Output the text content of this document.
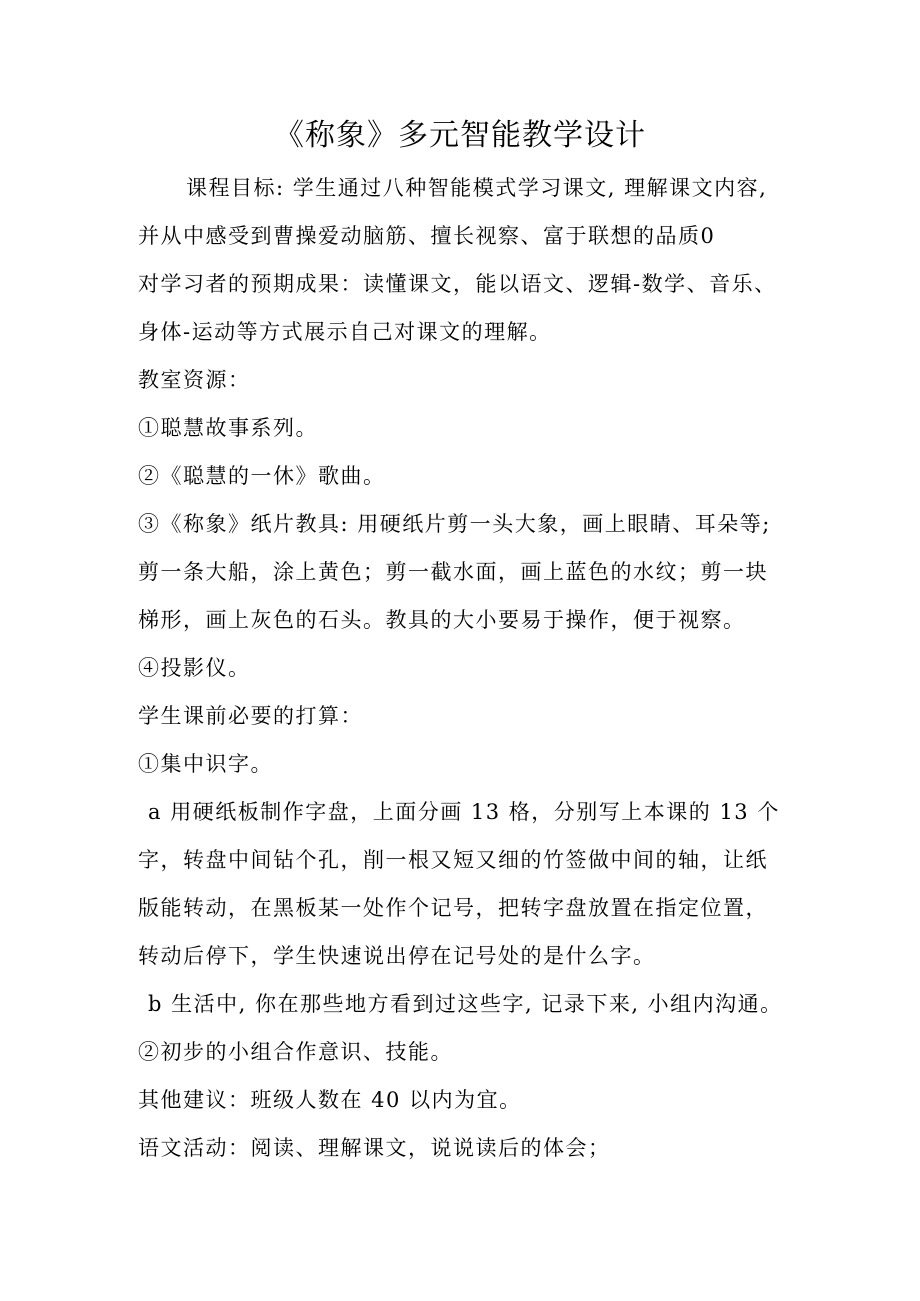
《称象》多元智能教学设计
课程目标: 学生通过八种智能模式学习课文, 理解课文内容,
并从中感受到曹操爱动脑筋、擅长视察、富于联想的品质0
对学习者的预期成果：读懂课文，能以语文、逻辑-数学、音乐、
身体-运动等方式展示自己对课文的理解。
教室资源：
①聪慧故事系列。
②《聪慧的一休》歌曲。
③《称象》纸片教具: 用硬纸片剪一头大象，画上眼睛、耳朵等;
剪一条大船，涂上黄色；剪一截水面，画上蓝色的水纹；剪一块
梯形，画上灰色的石头。教具的大小要易于操作，便于视察。
④投影仪。
学生课前必要的打算：
①集中识字。
a 用硬纸板制作字盘，上面分画 13 格，分别写上本课的 13 个
字，转盘中间钻个孔，削一根又短又细的竹签做中间的轴，让纸
版能转动，在黑板某一处作个记号，把转字盘放置在指定位置，
转动后停下，学生快速说出停在记号处的是什么字。
b 生活中, 你在那些地方看到过这些字, 记录下来, 小组内沟通。
②初步的小组合作意识、技能。
其他建议：班级人数在 40 以内为宜。
语文活动：阅读、理解课文，说说读后的体会；
